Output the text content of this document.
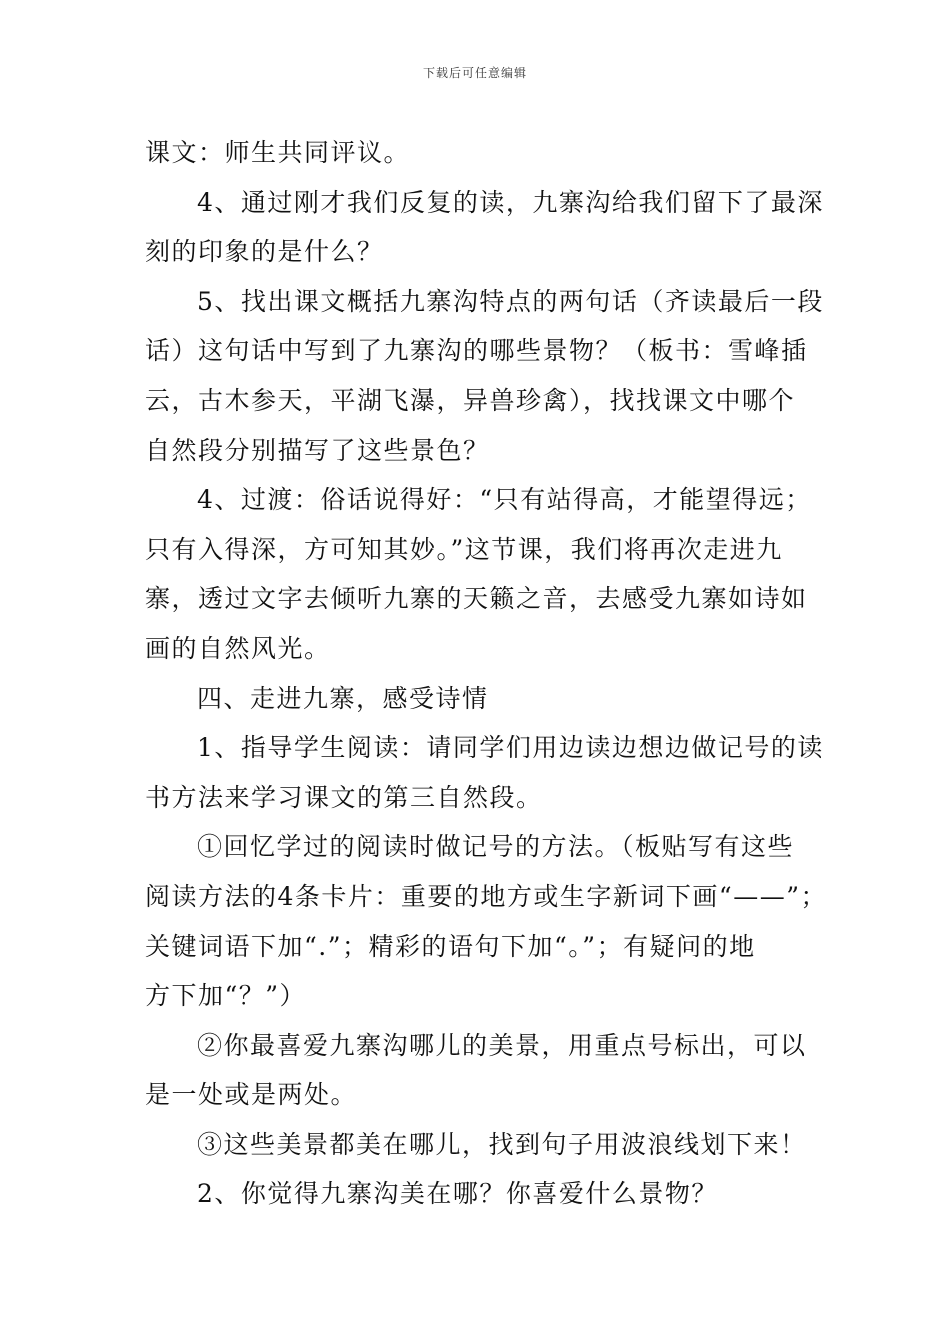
下载后可任意编辑
课文：师生共同评议。
4、通过刚才我们反复的读，九寨沟给我们留下了最深
刻的印象的是什么？
5、找出课文概括九寨沟特点的两句话（齐读最后一段
话）这句话中写到了九寨沟的哪些景物？（板书：雪峰插
云，古木参天，平湖飞瀑，异兽珍禽），找找课文中哪个
自然段分别描写了这些景色？
4、过渡：俗话说得好：“只有站得高，才能望得远；
只有入得深，方可知其妙。”这节课，我们将再次走进九
寨，透过文字去倾听九寨的天籁之音，去感受九寨如诗如
画的自然风光。
四、走进九寨，感受诗情
1、指导学生阅读：请同学们用边读边想边做记号的读
书方法来学习课文的第三自然段。
①回忆学过的阅读时做记号的方法。（板贴写有这些
阅读方法的4条卡片：重要的地方或生字新词下画“——”；
关键词语下加“.”；精彩的语句下加“。”；有疑问的地
方下加“？”）
②你最喜爱九寨沟哪儿的美景，用重点号标出，可以
是一处或是两处。
③这些美景都美在哪儿，找到句子用波浪线划下来！
2、你觉得九寨沟美在哪？你喜爱什么景物？
